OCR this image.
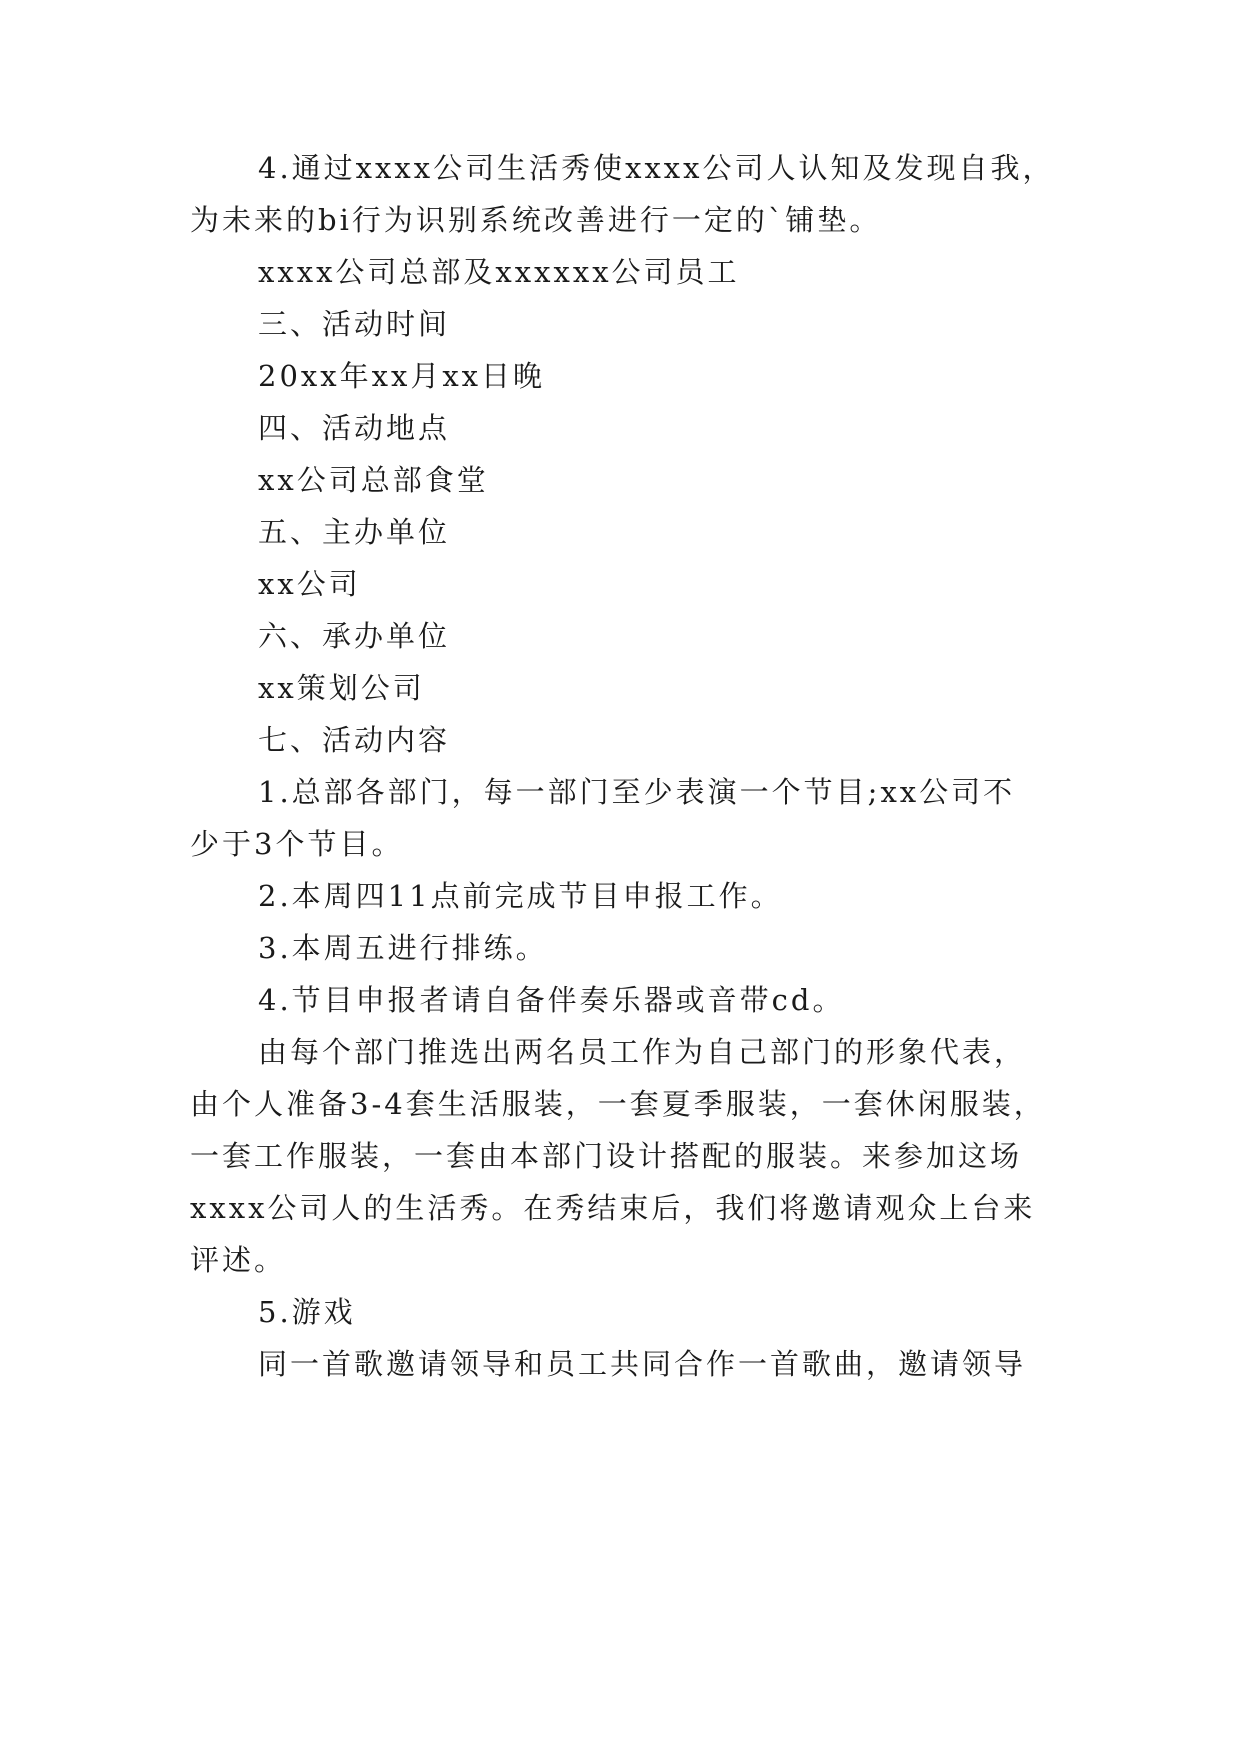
4.通过xxxx公司生活秀使xxxx公司人认知及发现自我，
为未来的bi行为识别系统改善进行一定的`铺垫。
xxxx公司总部及xxxxxx公司员工
三、活动时间
20xx年xx月xx日晚
四、活动地点
xx公司总部食堂
五、主办单位
xx公司
六、承办单位
xx策划公司
七、活动内容
1.总部各部门，每一部门至少表演一个节目;xx公司不
少于3个节目。
2.本周四11点前完成节目申报工作。
3.本周五进行排练。
4.节目申报者请自备伴奏乐器或音带cd。
由每个部门推选出两名员工作为自己部门的形象代表，
由个人准备3-4套生活服装，一套夏季服装，一套休闲服装，
一套工作服装，一套由本部门设计搭配的服装。来参加这场
xxxx公司人的生活秀。在秀结束后，我们将邀请观众上台来
评述。
5.游戏
同一首歌邀请领导和员工共同合作一首歌曲，邀请领导
